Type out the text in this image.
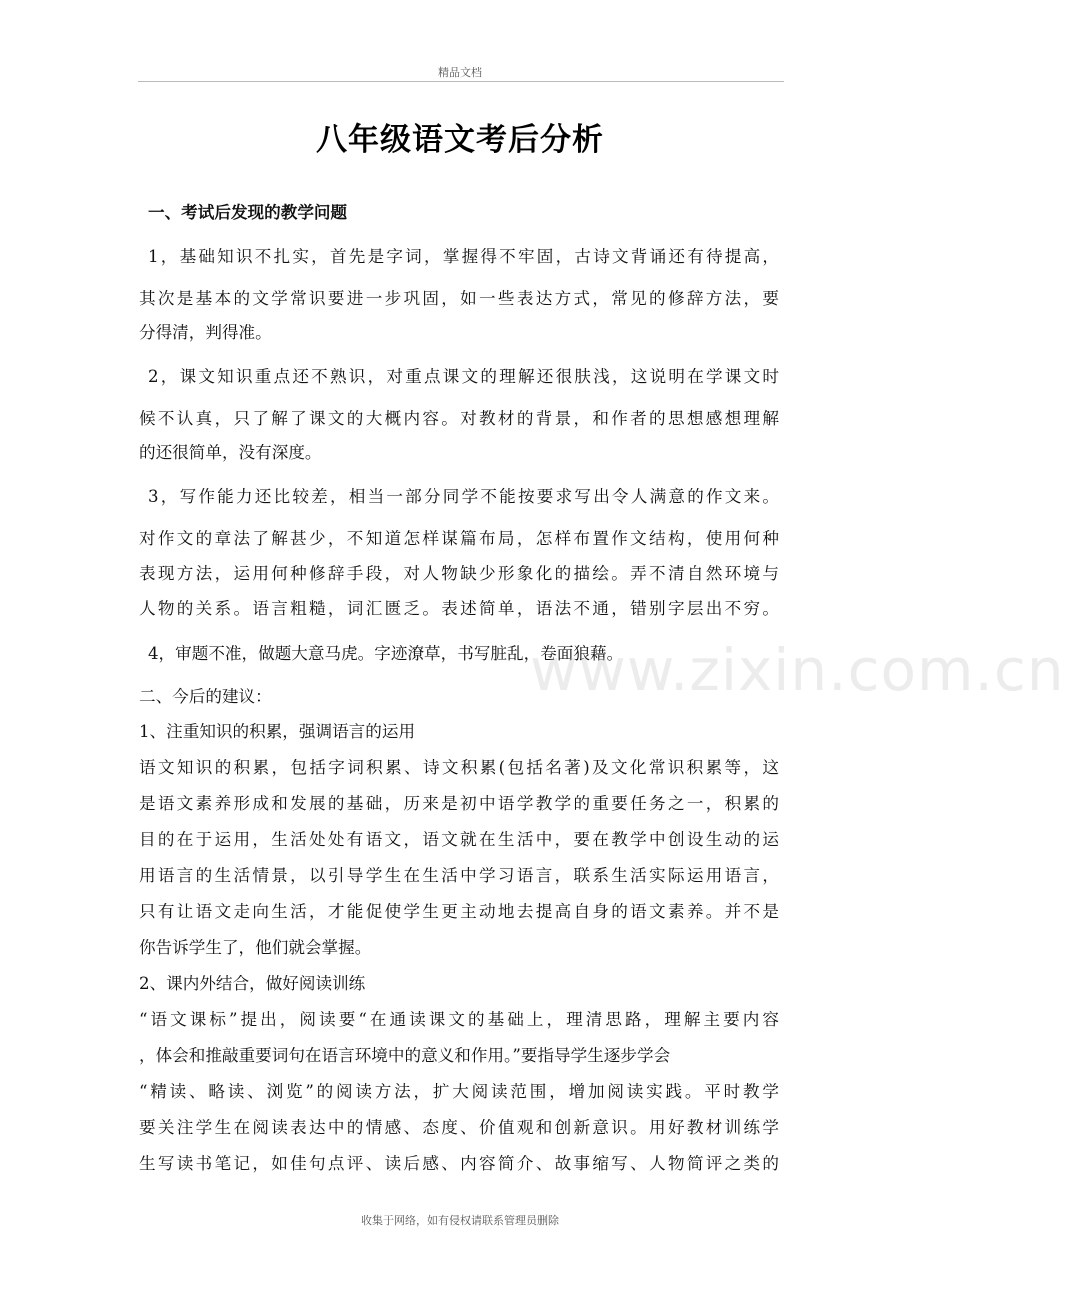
精品文档
八年级语文考后分析
一、考试后发现的教学问题
1，基础知识不扎实，首先是字词，掌握得不牢固，古诗文背诵还有待提高，
其次是基本的文学常识要进一步巩固，如一些表达方式，常见的修辞方法，要
分得清，判得准。
2，课文知识重点还不熟识，对重点课文的理解还很肤浅，这说明在学课文时
候不认真，只了解了课文的大概内容。对教材的背景，和作者的思想感想理解
的还很简单，没有深度。
3，写作能力还比较差，相当一部分同学不能按要求写出令人满意的作文来。
对作文的章法了解甚少，不知道怎样谋篇布局，怎样布置作文结构，使用何种
表现方法，运用何种修辞手段，对人物缺少形象化的描绘。弄不清自然环境与
人物的关系。语言粗糙，词汇匮乏。表述简单，语法不通，错别字层出不穷。
4，审题不准，做题大意马虎。字迹潦草，书写脏乱，卷面狼藉。
二、今后的建议：
1、注重知识的积累，强调语言的运用
语文知识的积累，包括字词积累、诗文积累(包括名著)及文化常识积累等，这
是语文素养形成和发展的基础，历来是初中语学教学的重要任务之一，积累的
目的在于运用，生活处处有语文，语文就在生活中，要在教学中创设生动的运
用语言的生活情景，以引导学生在生活中学习语言，联系生活实际运用语言，
只有让语文走向生活，才能促使学生更主动地去提高自身的语文素养。并不是
你告诉学生了，他们就会掌握。
2、课内外结合，做好阅读训练
“语文课标”提出，阅读要“在通读课文的基础上，理清思路，理解主要内容
，体会和推敲重要词句在语言环境中的意义和作用。”要指导学生逐步学会
“精读、略读、浏览”的阅读方法，扩大阅读范围，增加阅读实践。平时教学
要关注学生在阅读表达中的情感、态度、价值观和创新意识。用好教材训练学
生写读书笔记，如佳句点评、读后感、内容简介、故事缩写、人物简评之类的
www.zixin.com.cn
收集于网络，如有侵权请联系管理员删除
